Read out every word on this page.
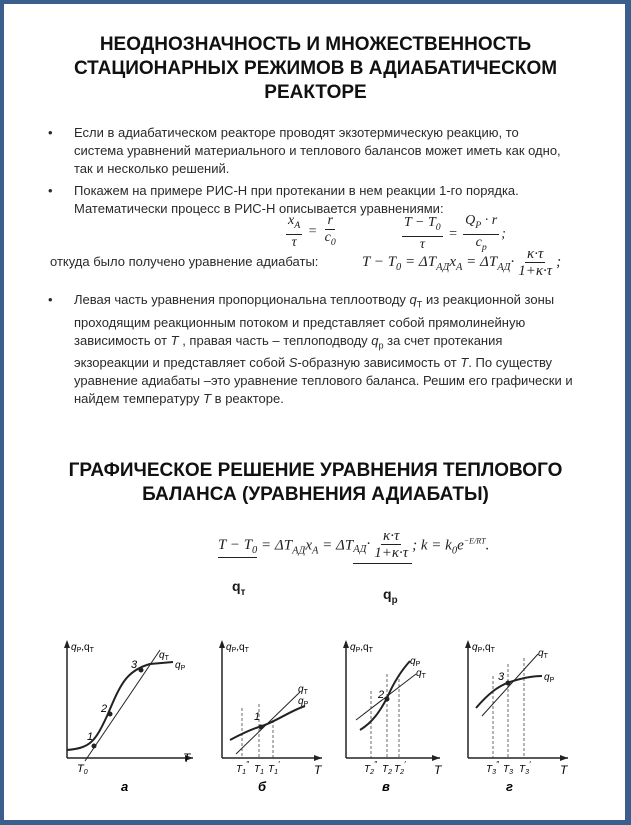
НЕОДНОЗНАЧНОСТЬ И МНОЖЕСТВЕННОСТЬ
СТАЦИОНАРНЫХ РЕЖИМОВ В АДИАБАТИЧЕСКОМ
РЕАКТОРЕ
• Если в адиабатическом реакторе проводят экзотермическую реакцию, то система уравнений материального и теплового балансов может иметь как одно, так и несколько решений.
• Покажем на примере РИС-Н при протекании в нем реакции 1-го порядка. Математически процесс в РИС-Н описывается уравнениями:
$\frac{x_А}{\tau} = \frac{r}{c_0}$	$\frac{T - T_0}{\tau} = \frac{Q_P \cdot r}{c_p}$ ;
откуда было получено уравнение адиабаты:	$T - T_0 = \Delta T_{АД}x_А = \Delta T_{АД}\cdot \frac{\kappa\cdot\tau}{1+\kappa\cdot\tau}$ ;
• Левая часть уравнения пропорциональна теплоотводу $q_Т$ из реакционной зоны проходящим реакционным потоком и представляет собой прямолинейную зависимость от T , правая часть – теплоподводу $q_р$ за счет протекания экзореакции и представляет собой S-образную зависимость от T. По существу уравнение адиабаты –это уравнение теплового баланса. Решим его графически и найдем температуру T в реакторе.
ГРАФИЧЕСКОЕ РЕШЕНИЕ УРАВНЕНИЯ ТЕПЛОВОГО
БАЛАНСА (УРАВНЕНИЯ АДИАБАТЫ)
$T - T_0 = \Delta T_{АД}x_А = \Delta T_{АД}\cdot \frac{\kappa\cdot\tau}{1+\kappa\cdot\tau}$ ; $k = k_0e^{-E/RT}$.
$q_т$	$q_р$
$q_P,q_T$
1
2
3
$q_T$
$q_P$
T
T0
а
$q_P,q_T$
1
$q_T$
$q_P$
T
$T_1''$ $T_1$ $T_1'$
б
$q_P,q_T$
2
$q_P$
$q_T$
T
$T_2''$ $T_2$ $T_2'$
в
$q_P,q_T$
3
$q_T$
$q_P$
T
$T_3''$ $T_3$ $T_3'$
г
